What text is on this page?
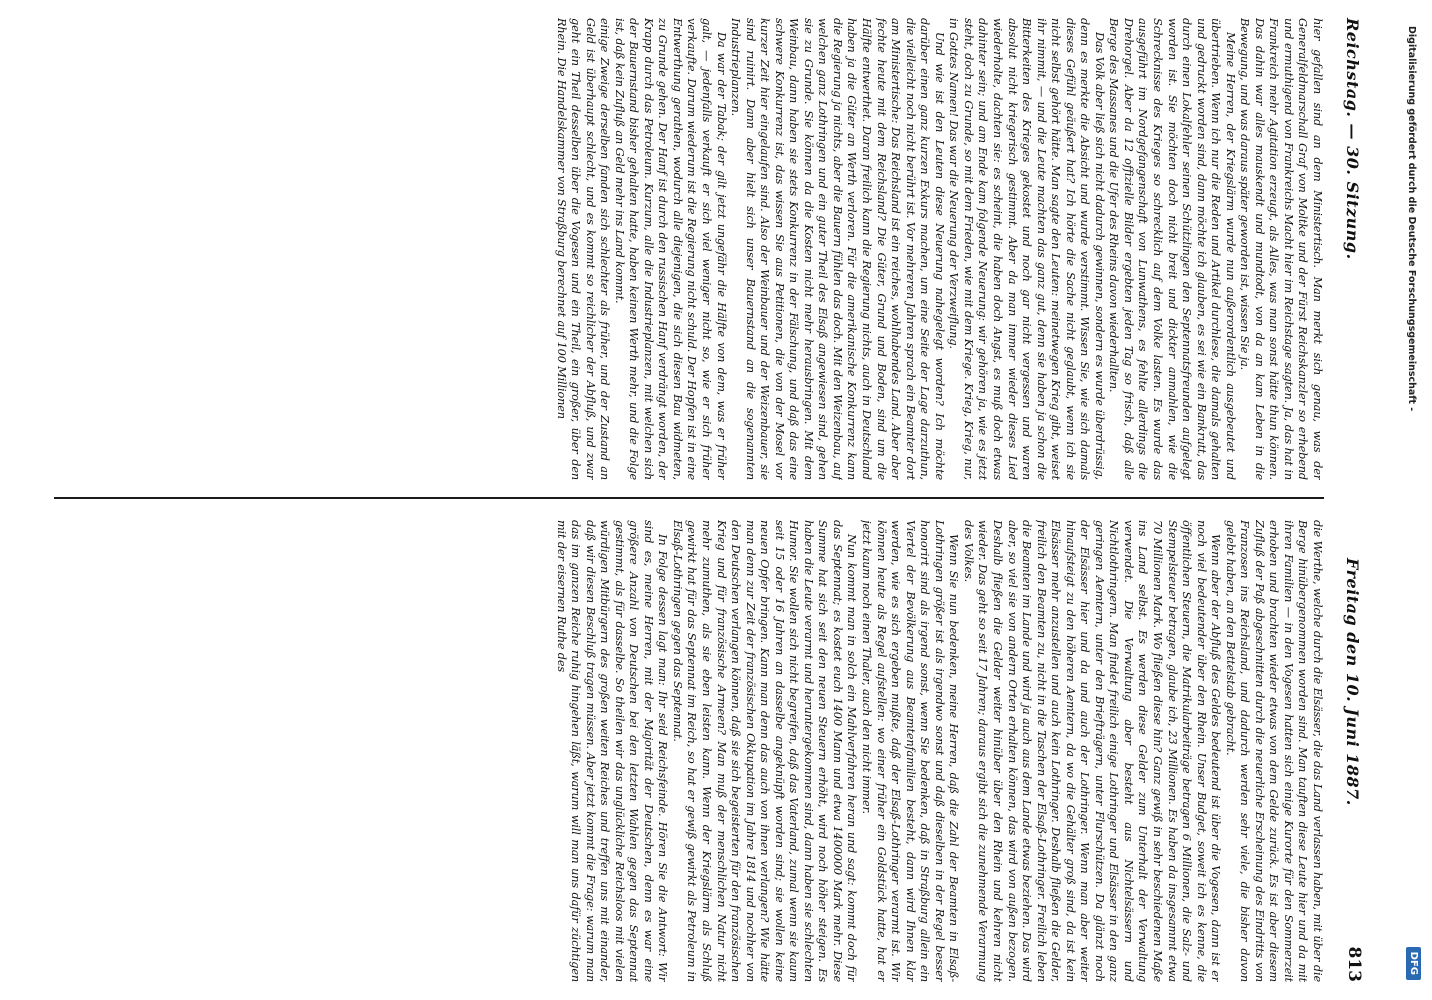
Reichstag. — 30. Sitzung.
Freitag den 10. Juni 1887.
813

hier gefallen sind an dem Ministertisch. Man merkt sich genau, was der Generalfeldmarschall Graf von Moltke und der Fürst Reichskanzler so erhebend und ermuthigend von Frankreichs Macht hier im Reichstage sagten. Ja, das hat in Frankreich mehr Agitation erzeugt, als Alles, was man sonst hätte thun können. Das dahin war alles mauskendt und mundtodt, von da an kam Leben in die Bewegung, und was daraus später geworden ist, wissen Sie ja.

Meine Herren, der Kriegslärm wurde nun außerordentlich ausgebeutet und übertrieben. Wenn ich nur die Reden und Artikel durchlese, die damals gehalten und gedruckt worden sind, dann möchte ich glauben, es sei wie ein Bankrutt, das durch einen Lokalfehler seinen Schützlingen den Septennatsfreunden aufgelegt worden ist. Sie möchten doch nicht breit und dickter anmahlen, wie die Schrecknisse des Krieges so schrecklich auf dem Volke lasten. Es wurde das ausgeführt im Nordgefangenschaft von Lunwathens, es fehlte allerdings die Drehorgel. Aber da 12 offizielle Bilder ergebten jeden Tag so frisch, daß alle Berge des Massanes und die Ufer des Rheins davon wiederhallten.

Das Volk aber ließ sich nicht dadurch gewinnen, sondern es wurde überdrüssig, denn es merkte die Absicht und wurde verstimmt. Wissen Sie, wie sich damals dieses Gefühl geäußert hat? Ich hörte die Sache nicht geglaubt, wenn ich sie nicht selbst gehört hätte. Man sagte den Leuten: meinetwegen Krieg gibt, weiset ihr nimmit, — und die Leute machten das ganz gut, denn sie haben ja schon die Bitterkeiten des Krieges gekostet und noch gar nicht vergessen und waren absolut nicht kriegerisch gestimmt. Aber da man immer wieder dieses Lied wiederholte, dachten sie: es scheint, die haben doch Angst, es muß doch etwas dahinter sein; und am Ende kam folgende Neuerung: wir gehören ja, wie es jetzt steht, doch zu Grunde, so mit dem Frieden, wie mit dem Kriege. Krieg, Krieg, nur, in Gottes Namen! Das war die Neuerung der Verzweiflung.

Und wie ist den Leuten diese Neuerung nahegelegt worden? Ich möchte darüber einen ganz kurzen Exkurs machen, um eine Seite der Lage darzuthun, die vielleicht noch nicht berührt ist. Vor mehreren Jahren sprach ein Beamter dort am Ministertische: Das Reichsland ist ein reiches, wohlhabendes Land. Aber aber fechte heute mit dem Reichsland? Die Güter, Grund und Boden, sind um die Hälfte entwerthet. Daran freilich kann die Regierung nichts, auch in Deutschland haben ja die Güter an Werth verloren. Für die amerikanische Konkurrenz kann die Regierung ja nichts, aber die Bauern fühlen das doch. Mit den Weizenbau, auf welchen ganz Lothringen und ein guter Theil des Elsaß angewiesen sind, gehen sie zu Grunde. Sie können da die Kosten nicht mehr herausbringen. Mit dem Weinbau, dann haben sie stets Konkurrenz in der Fälschung, und daß das eine schwere Konkurrenz ist, das wissen Sie aus Petitionen, die von der Mosel vor kurzer Zeit hier eingelaufen sind. Also der Weinbauer und der Weizenbauer, sie sind ruinirt. Dann aber hielt sich unser Bauernstand an die sogenannten Industrieplanzen.

Da war der Tabak; der gilt jetzt ungefähr die Hälfte von dem, was er früher galt, — jedenfalls verkauft er sich viel weniger nicht so, wie er sich früher verkaufte. Darum wiederum ist die Regierung nicht schuld. Der Hopfen ist in eine Entwerthung gerathen, wodurch alle diejenigen, die sich diesen Bau widmeten, zu Grunde gehen. Der Hanf ist durch den russischen Hanf verdrängt worden, der Krapp durch das Petroleum. Kurzum, alle die Industrieplanzen, mit welchen sich der Bauernstand bisher gehalten hatte, haben keinen Werth mehr, und die Folge ist, daß kein Zufluß an Geld mehr ins Land kommt.

einige Zweige derselben fanden sich schlechter als früher, und der Zustand an Geld ist überhaupt schlecht, und es kommt so reichlicher der Abfluß, und zwar geht ein Theil desselben über die Vogesen und ein Theil, ein großer, über den Rhein. Die Handelskammer von Straßburg berechnet auf 100 Millionen

die Werthe, welche durch die Elsässer, die das Land verlassen haben, mit über die Berge hinübergenommen worden sind. Man tauften diese Leute hier und da mit ihren Familien — in den Vogesen hatten sich einige Kurorte für den Sommerzeit erhoben und brachten wieder etwas von dem Gelde zurück. Es ist aber diesem Zufluß der Paß abgeschnitten durch die neuerliche Erscheinung des Eindritts von Franzosen ins Reichsland, und dadurch werden sehr viele, die bisher davon gelebt haben, an den Bettelstab gebracht.

Wenn aber der Abfluß des Geldes bedeutend ist über die Vogesen, dann ist er noch viel bedeutender über den Rhein. Unser Budget, soweit ich es kenne, die öffentlichen Steuern, die Matrikularbeiträge betragen 6 Millionen, die Salz- und Stempelsteuer betragen, glaube ich, 23 Millionen. Es haben da insgesammt etwa 70 Millionen Mark. Wo fließen diese hin? Ganz gewiß in sehr beschiedenen Maße ins Land selbst. Es werden diese Gelder zum Unterhalt der Verwaltung verwendet. Die Verwaltung aber besteht aus Nichtelsässern und Nichtlothringern. Man findet freilich einige Lothringer und Elsässer in den ganz geringen Aemtern, unter den Briefträgern, unter Flurschützen. Da glänzt noch der Elsässer hier und da und auch der Lothringer. Wenn man aber weiter hinaufsteigt zu den höheren Aemtern, da wo die Gehälter groß sind, da ist kein Elsässer mehr anzustellen und auch kein Lothringer. Deshalb fließen die Gelder, freilich den Beamten zu, nicht in die Taschen der Elsaß-Lothringer. Freilich leben die Beamten im Lande und wird ja auch aus dem Lande etwas beziehen. Das wird aber, so viel sie von andern Orten erhalten können, das wird von außen bezogen. Deshalb fließen die Gelder weiter hinüber über den Rhein und kehren nicht wieder. Das geht so seit 17 Jahren; daraus ergibt sich die zunehmende Verarmung des Volkes.

Wenn Sie nun bedenken, meine Herren, daß die Zahl der Beamten in Elsaß-Lothringen größer ist als irgendwo sonst und daß dieselben in der Regel besser honorirt sind als irgend sonst, wenn Sie bedenken, daß in Straßburg allein ein Viertel der Bevölkerung aus Beamtenfamilien besteht, dann wird Ihnen klar werden, wie es sich ergeben mußte, daß der Elsaß-Lothringer verarmt ist. Wir können heute als Regel aufstellen: wo einer früher ein Goldstück hatte, hat er jetzt kaum noch einen Thaler, auch den nicht immer.

Nun kommt man in solch ein Mahlverfahren heran und sagt: kommt doch für das Septennat; es kostet euch 1400 Mann und etwa 1400000 Mark mehr. Diese Summe hat sich seit den neuen Steuern erhöht, wird noch höher steigen. Es haben die Leute verarmt und heruntergekommen sind, dann haben sie schlechten Humor. Sie wollen sich nicht begreifen, daß das Vaterland, zumal wenn sie kaum seit 15 oder 16 Jahren an dasselbe angeknüpft worden sind; sie wollen keine neuen Opfer bringen. Kann man denn das auch von ihnen verlangen? Wie hätte man denn zur Zeit der französischen Okkupation im Jahre 1814 und nochher von den Deutschen verlangen können, daß sie sich begeisterten für den französischen Krieg und für französische Armeen? Man muß der menschlichen Natur nicht mehr zumuthen, als sie eben leisten kann. Wenn der Kriegslärm als Schluß gewirkt hat für das Septennat im Reich, so hat er gewiß gewirkt als Petroleum in Elsaß-Lothringen gegen das Septennat.

In Folge dessen lagt man: Ihr seid Reichsfeinde. Hören Sie die Antwort: Wir sind es, meine Herren, mit der Majorität der Deutschen, denn es war eine größere Anzahl von Deutschen bei den letzten Wahlen gegen das Septennat gestimmt, als für dasselbe. So theilen wir das unglückliche Reichsloos mit vielen würdigen Mitbürgern des großen weiten Reiches und treffen uns mit einander, daß wir diesen Beschluß tragen müssen. Aber jetzt kommt die Frage: warum man das im ganzen Reiche ruhig hingehen läßt, warum will man uns dafür züchtigen mit der eisernen Ruthe des

Digitalisierung gefördert durch die Deutsche Forschungsgemeinschaft -
DFG
